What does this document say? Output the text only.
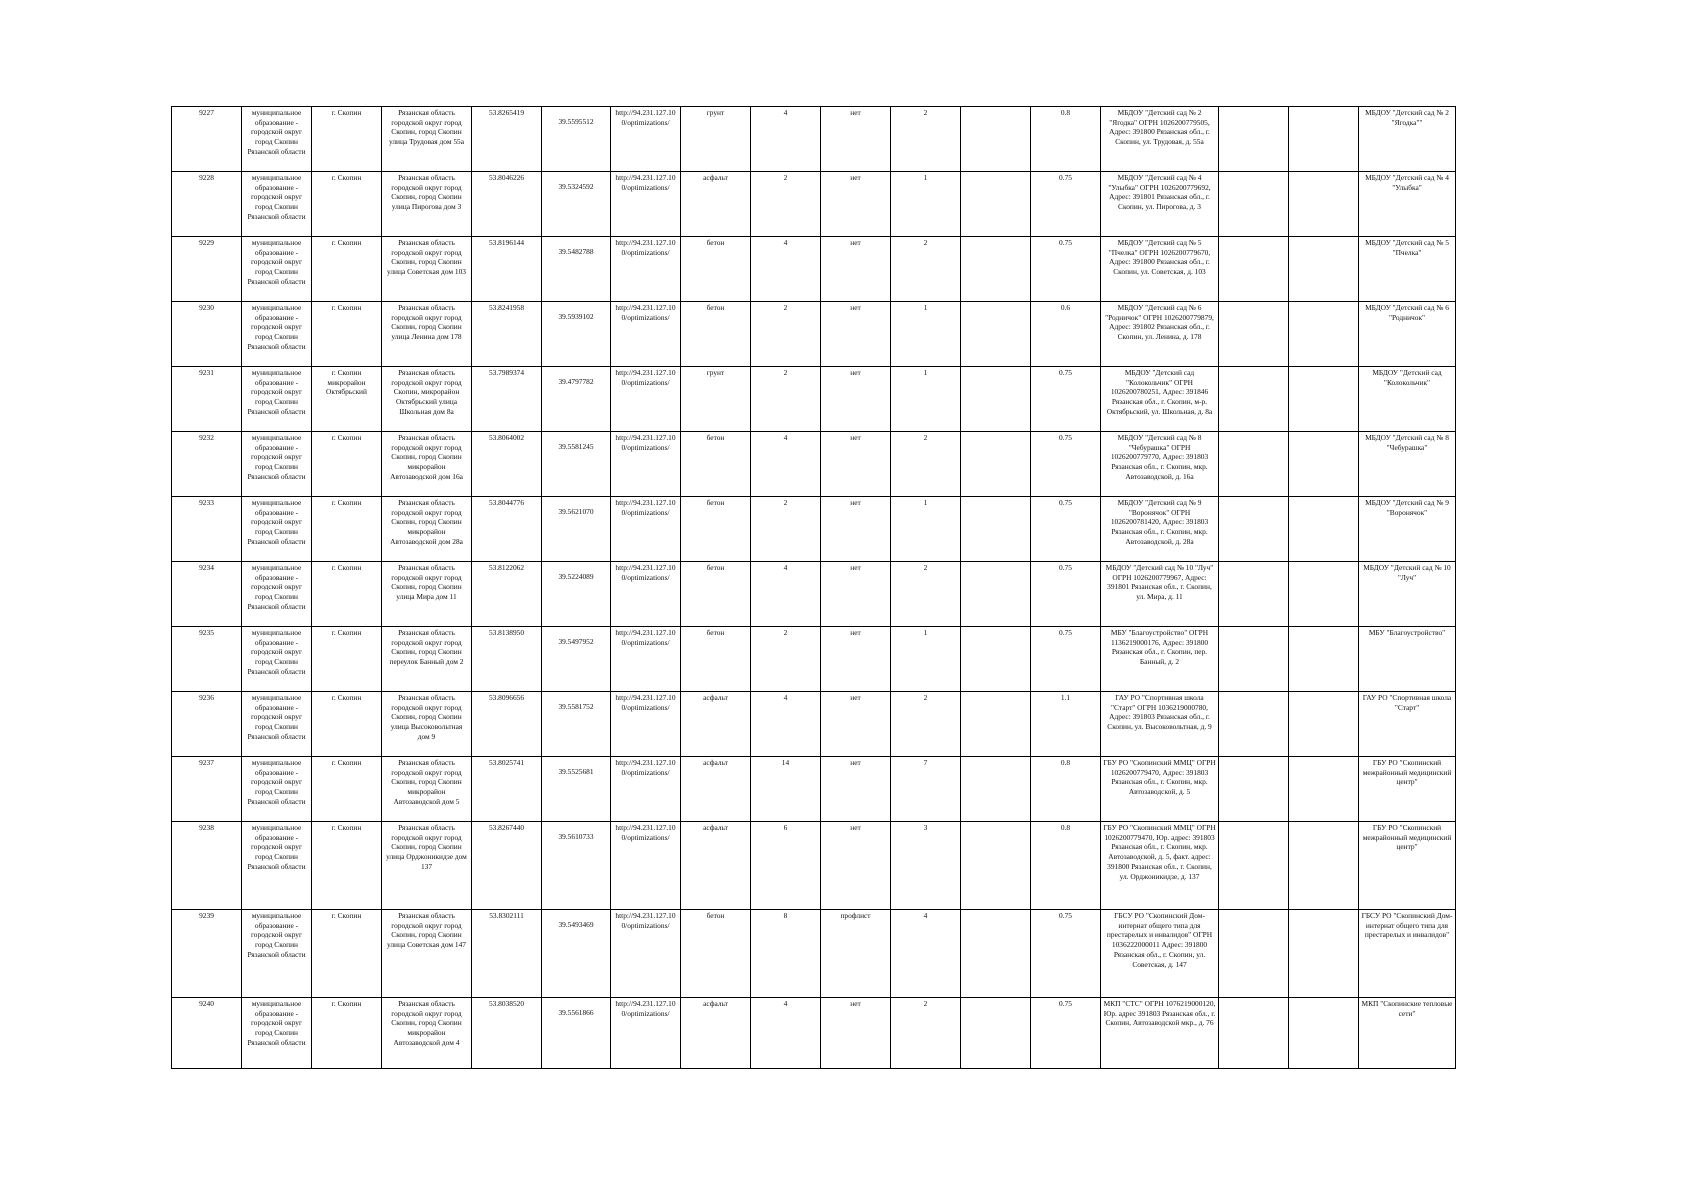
9227	муниципальное образование - городской округ город Скопин Рязанской области	г. Скопин	Рязанская область городской округ город Скопин, город Скопин улица Трудовая дом 55а	53.8265419	39.5595512	http://94.231.127.10 0/optimizations/	грунт	4	нет	2		0.8	МБДОУ "Детский сад № 2 "Ягодка" ОГРН 1026200779505, Адрес: 391800 Рязанская обл., г. Скопин, ул. Трудовая, д. 55а			МБДОУ "Детский сад № 2 "Ягодка""
9228	муниципальное образование - городской округ город Скопин Рязанской области	г. Скопин	Рязанская область городской округ город Скопин, город Скопин улица Пирогова дом 3	53.8046226	39.5324592	http://94.231.127.10 0/optimizations/	асфальт	2	нет	1		0.75	МБДОУ "Детский сад № 4 "Улыбка" ОГРН 1026200779692, Адрес: 391801 Рязанская обл., г. Скопин, ул. Пирогова, д. 3			МБДОУ "Детский сад № 4 "Улыбка"
9229	муниципальное образование - городской округ город Скопин Рязанской области	г. Скопин	Рязанская область городской округ город Скопин, город Скопин улица Советская дом 103	53.8196144	39.5482788	http://94.231.127.10 0/optimizations/	бетон	4	нет	2		0.75	МБДОУ "Детский сад № 5 "Пчелка" ОГРН 1026200779670, Адрес: 391800 Рязанская обл., г. Скопин, ул. Советская, д. 103			МБДОУ "Детский сад № 5 "Пчелка"
9230	муниципальное образование - городской округ город Скопин Рязанской области	г. Скопин	Рязанская область городской округ город Скопин, город Скопин улица Ленина дом 178	53.8241958	39.5939102	http://94.231.127.10 0/optimizations/	бетон	2	нет	1		0.6	МБДОУ "Детский сад № 6 "Родничок" ОГРН 1026200779879, Адрес: 391802 Рязанская обл., г. Скопин, ул. Ленина, д. 178			МБДОУ "Детский сад № 6 "Родничок"
9231	муниципальное образование - городской округ город Скопин Рязанской области	г. Скопин микрорайон Октябрьский	Рязанская область городской округ город Скопин, микрорайон Октябрьский улица Школьная дом 8а	53.7989374	39.4797782	http://94.231.127.10 0/optimizations/	грунт	2	нет	1		0.75	МБДОУ "Детский сад "Колокольчик" ОГРН 1026200780251, Адрес: 391846 Рязанская обл., г. Скопин, м-р. Октябрьский, ул. Школьная, д. 8а			МБДОУ "Детский сад "Колокольчик"
9232	муниципальное образование - городской округ город Скопин Рязанской области	г. Скопин	Рязанская область городской округ город Скопин, город Скопин микрорайон Автозаводской дом 16а	53.8064002	39.5581245	http://94.231.127.10 0/optimizations/	бетон	4	нет	2		0.75	МБДОУ "Детский сад № 8 "Чебурашка" ОГРН 1026200779770, Адрес: 391803 Рязанская обл., г. Скопин, мкр. Автозаводской, д. 16а			МБДОУ "Детский сад № 8 "Чебурашка"
9233	муниципальное образование - городской округ город Скопин Рязанской области	г. Скопин	Рязанская область городской округ город Скопин, город Скопин микрорайон Автозаводской дом 28а	53.8044776	39.5621070	http://94.231.127.10 0/optimizations/	бетон	2	нет	1		0.75	МБДОУ "Детский сад № 9 "Воронячок" ОГРН 1026200781420, Адрес: 391803 Рязанская обл., г. Скопин, мкр. Автозаводской, д. 28а			МБДОУ "Детский сад № 9 "Воронячок"
9234	муниципальное образование - городской округ город Скопин Рязанской области	г. Скопин	Рязанская область городской округ город Скопин, город Скопин улица Мира дом 11	53.8122062	39.5224089	http://94.231.127.10 0/optimizations/	бетон	4	нет	2		0.75	МБДОУ "Детский сад № 10 "Луч" ОГРН 1026200779967, Адрес: 391801 Рязанская обл., г. Скопин, ул. Мира, д. 11			МБДОУ "Детский сад № 10 "Луч"
9235	муниципальное образование - городской округ город Скопин Рязанской области	г. Скопин	Рязанская область городской округ город Скопин, город Скопин переулок Банный дом 2	53.8138950	39.5497952	http://94.231.127.10 0/optimizations/	бетон	2	нет	1		0.75	МБУ "Благоустройство" ОГРН 1136219000176, Адрес: 391800 Рязанская обл., г. Скопин, пер. Банный, д. 2			МБУ "Благоустройство"
9236	муниципальное образование - городской округ город Скопин Рязанской области	г. Скопин	Рязанская область городской округ город Скопин, город Скопин улица Высоковольтная дом 9	53.8096656	39.5581752	http://94.231.127.10 0/optimizations/	асфальт	4	нет	2		1.1	ГАУ РО "Спортивная школа "Старт" ОГРН 1036219000780, Адрес: 391803 Рязанская обл., г. Скопин, ул. Высоковольтная, д. 9			ГАУ РО "Спортивная школа "Старт"
9237	муниципальное образование - городской округ город Скопин Рязанской области	г. Скопин	Рязанская область городской округ город Скопин, город Скопин микрорайон Автозаводской дом 5	53.8025741	39.5525681	http://94.231.127.10 0/optimizations/	асфальт	14	нет	7		0.8	ГБУ РО "Скопинский ММЦ" ОГРН 1026200779470, Адрес: 391803 Рязанская обл., г. Скопин, мкр. Автозаводской, д. 5			ГБУ РО "Скопинский межрайонный медицинский центр"
9238	муниципальное образование - городской округ город Скопин Рязанской области	г. Скопин	Рязанская область городской округ город Скопин, город Скопин улица Орджоникидзе дом 137	53.8267440	39.5610733	http://94.231.127.10 0/optimizations/	асфальт	6	нет	3		0.8	ГБУ РО "Скопинский ММЦ" ОГРН 1026200779470, Юр. адрес: 391803 Рязанская обл., г. Скопин, мкр. Автозаводской, д. 5, факт. адрес: 391800 Рязанская обл., г. Скопин, ул. Орджоникидзе, д. 137			ГБУ РО "Скопинский межрайонный медицинский центр"
9239	муниципальное образование - городской округ город Скопин Рязанской области	г. Скопин	Рязанская область городской округ город Скопин, город Скопин улица Советская дом 147	53.8302111	39.5493469	http://94.231.127.10 0/optimizations/	бетон	8	профлист	4		0.75	ГБСУ РО "Скопинский Дом-интернат общего типа для престарелых и инвалидов" ОГРН 1036222000011 Адрес: 391800 Рязанская обл., г. Скопин, ул. Советская, д. 147			ГБСУ РО "Скопинский Дом-интернат общего типа для престарелых и инвалидов"
9240	муниципальное образование - городской округ город Скопин Рязанской области	г. Скопин	Рязанская область городской округ город Скопин, город Скопин микрорайон Автозаводской дом 4	53.8038520	39.5561866	http://94.231.127.10 0/optimizations/	асфальт	4	нет	2		0.75	МКП "СТС" ОГРН 1076219000120, Юр. адрес 391803 Рязанская обл., г. Скопин, Автозаводской мкр., д. 76			МКП "Скопинские тепловые сети"
